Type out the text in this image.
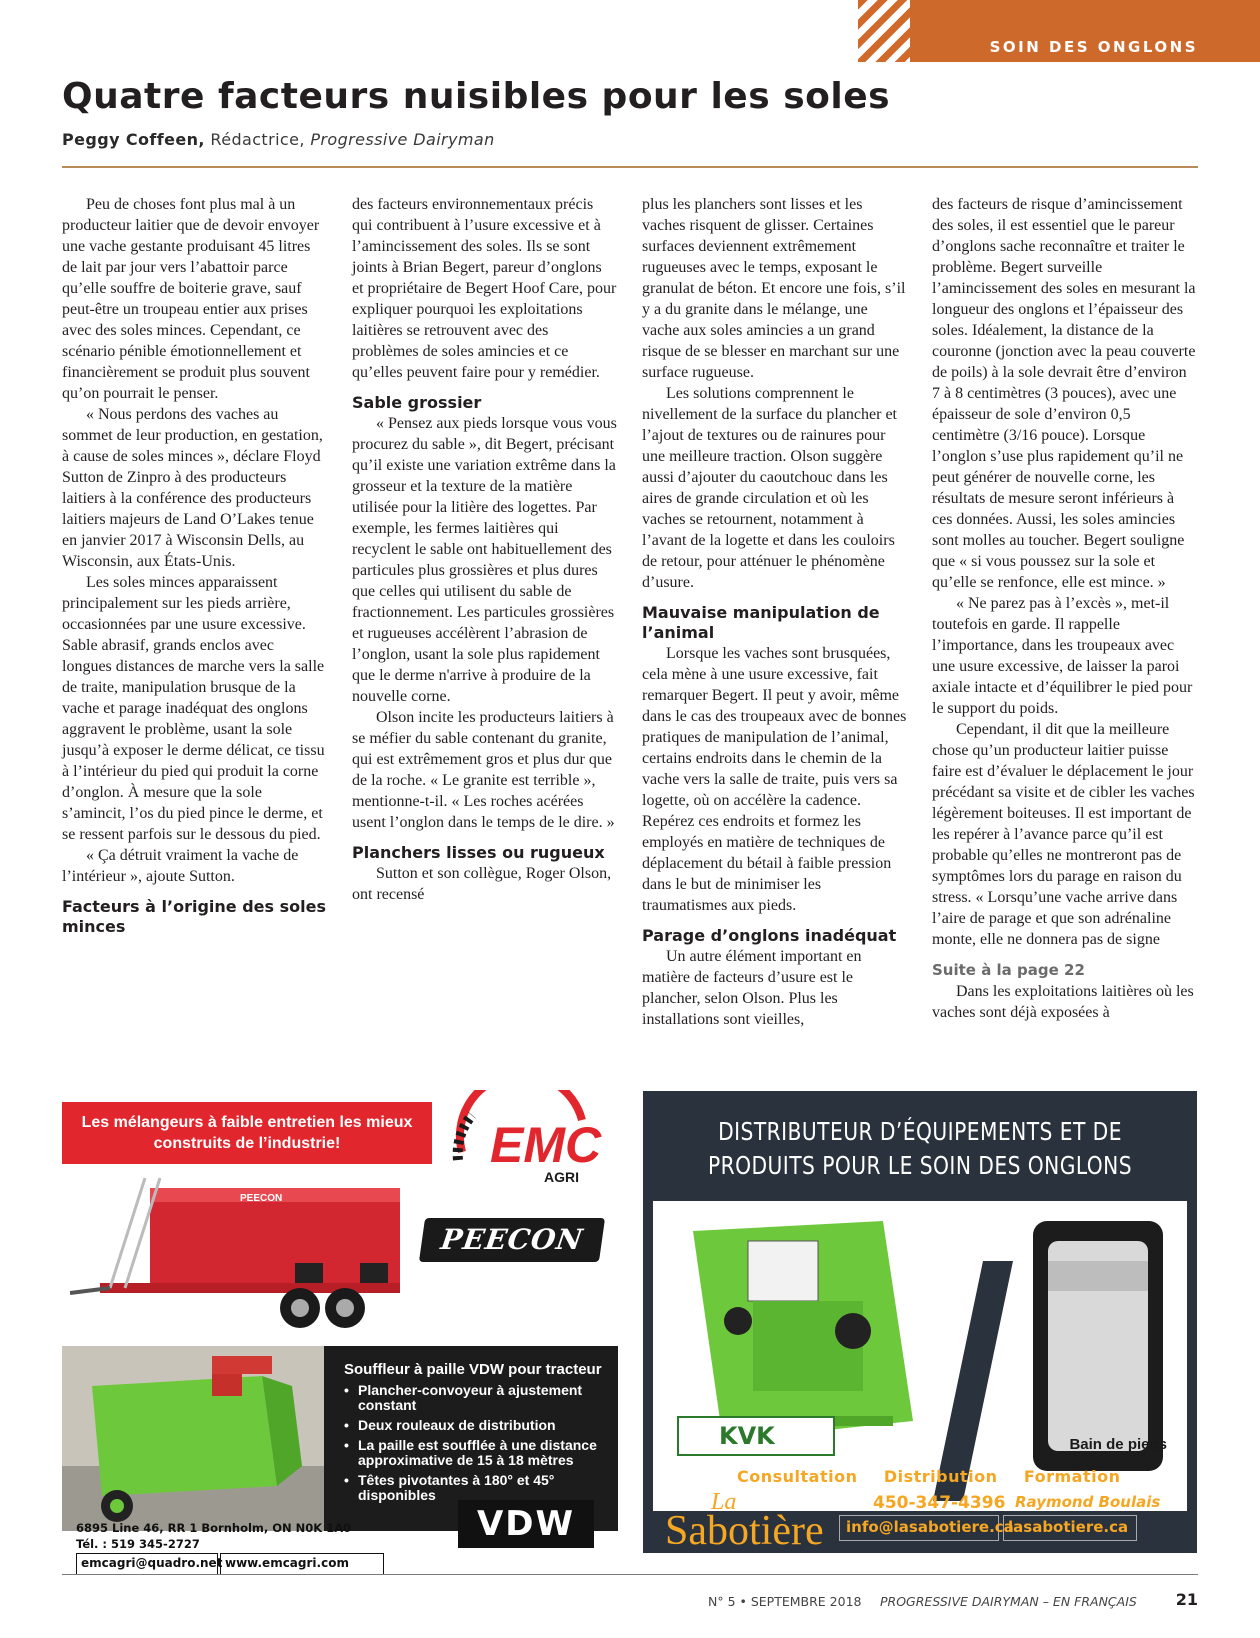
SOIN DES ONGLONS
Quatre facteurs nuisibles pour les soles
Peggy Coffeen, Rédactrice, Progressive Dairyman

Peu de choses font plus mal à un producteur laitier que de devoir envoyer une vache gestante produisant 45 litres de lait par jour vers l’abattoir parce qu’elle souffre de boiterie grave, sauf peut-être un troupeau entier aux prises avec des soles minces. Cependant, ce scénario pénible émotionnellement et financièrement se produit plus souvent qu’on pourrait le penser.

« Nous perdons des vaches au sommet de leur production, en gestation, à cause de soles minces », déclare Floyd Sutton de Zinpro à des producteurs laitiers à la conférence des producteurs laitiers majeurs de Land O’Lakes tenue en janvier 2017 à Wisconsin Dells, au Wisconsin, aux États-Unis.

Les soles minces apparaissent principalement sur les pieds arrière, occasionnées par une usure excessive. Sable abrasif, grands enclos avec longues distances de marche vers la salle de traite, manipulation brusque de la vache et parage inadéquat des onglons aggravent le problème, usant la sole jusqu’à exposer le derme délicat, ce tissu à l’intérieur du pied qui produit la corne d’onglon. À mesure que la sole s’amincit, l’os du pied pince le derme, et se ressent parfois sur le dessous du pied.

« Ça détruit vraiment la vache de l’intérieur », ajoute Sutton.

Facteurs à l’origine des soles minces

des facteurs environnementaux précis qui contribuent à l’usure excessive et à l’amincissement des soles. Ils se sont joints à Brian Begert, pareur d’onglons et propriétaire de Begert Hoof Care, pour expliquer pourquoi les exploitations laitières se retrouvent avec des problèmes de soles amincies et ce qu’elles peuvent faire pour y remédier.

Sable grossier

« Pensez aux pieds lorsque vous vous procurez du sable », dit Begert, précisant qu’il existe une variation extrême dans la grosseur et la texture de la matière utilisée pour la litière des logettes. Par exemple, les fermes laitières qui recyclent le sable ont habituellement des particules plus grossières et plus dures que celles qui utilisent du sable de fractionnement. Les particules grossières et rugueuses accélèrent l’abrasion de l’onglon, usant la sole plus rapidement que le derme n'arrive à produire de la nouvelle corne.

Olson incite les producteurs laitiers à se méfier du sable contenant du granite, qui est extrêmement gros et plus dur que de la roche. « Le granite est terrible », mentionne-t-il. « Les roches acérées usent l’onglon dans le temps de le dire. »

Planchers lisses ou rugueux

Sutton et son collègue, Roger Olson, ont recensé

plus les planchers sont lisses et les vaches risquent de glisser. Certaines surfaces deviennent extrêmement rugueuses avec le temps, exposant le granulat de béton. Et encore une fois, s’il y a du granite dans le mélange, une vache aux soles amincies a un grand risque de se blesser en marchant sur une surface rugueuse.

Les solutions comprennent le nivellement de la surface du plancher et l’ajout de textures ou de rainures pour une meilleure traction. Olson suggère aussi d’ajouter du caoutchouc dans les aires de grande circulation et où les vaches se retournent, notamment à l’avant de la logette et dans les couloirs de retour, pour atténuer le phénomène d’usure.

Mauvaise manipulation de l’animal

Lorsque les vaches sont brusquées, cela mène à une usure excessive, fait remarquer Begert. Il peut y avoir, même dans le cas des troupeaux avec de bonnes pratiques de manipulation de l’animal, certains endroits dans le chemin de la vache vers la salle de traite, puis vers sa logette, où on accélère la cadence. Repérez ces endroits et formez les employés en matière de techniques de déplacement du bétail à faible pression dans le but de minimiser les traumatismes aux pieds.

Parage d’onglons inadéquat

Un autre élément important en matière de facteurs d’usure est le plancher, selon Olson. Plus les installations sont vieilles,

des facteurs de risque d’amincissement des soles, il est essentiel que le pareur d’onglons sache reconnaître et traiter le problème. Begert surveille l’amincissement des soles en mesurant la longueur des onglons et l’épaisseur des soles. Idéalement, la distance de la couronne (jonction avec la peau couverte de poils) à la sole devrait être d’environ 7 à 8 centimètres (3 pouces), avec une épaisseur de sole d’environ 0,5 centimètre (3/16 pouce). Lorsque l’onglon s’use plus rapidement qu’il ne peut générer de nouvelle corne, les résultats de mesure seront inférieurs à ces données. Aussi, les soles amincies sont molles au toucher. Begert souligne que « si vous poussez sur la sole et qu’elle se renfonce, elle est mince. »

« Ne parez pas à l’excès », met-il toutefois en garde. Il rappelle l’importance, dans les troupeaux avec une usure excessive, de laisser la paroi axiale intacte et d’équilibrer le pied pour le support du poids.

Cependant, il dit que la meilleure chose qu’un producteur laitier puisse faire est d’évaluer le déplacement le jour précédant sa visite et de cibler les vaches légèrement boiteuses. Il est important de les repérer à l’avance parce qu’il est probable qu’elles ne montreront pas de symptômes lors du parage en raison du stress. « Lorsqu’une vache arrive dans l’aire de parage et que son adrénaline monte, elle ne donnera pas de signe

Suite à la page 22

Dans les exploitations laitières où les vaches sont déjà exposées à

Les mélangeurs à faible entretien les mieux construits de l’industrie!	EMC
AGRI
PEECON
PEECON
Souffleur à paille VDW pour tracteur
• Plancher-convoyeur à ajustement constant
• Deux rouleaux de distribution
• La paille est soufflée à une distance approximative de 15 à 18 mètres
• Têtes pivotantes à 180° et 45° disponibles
6895 Line 46, RR 1 Bornholm, ON N0K 1A0
Tél. : 519 345-2727
emcagri@quadro.net www.emcagri.com
VDW
DISTRIBUTEUR D’ÉQUIPEMENTS ET DE
PRODUITS POUR LE SOIN DES ONGLONS
Bain de pieds
KVK
Consultation | Distribution | Formation
La
Sabotière
450-347-4396 Raymond Boulais
info@lasabotiere.ca
lasabotiere.ca
N° 5 • SEPTEMBRE 2018 PROGRESSIVE DAIRYMAN – EN FRANÇAIS 21
